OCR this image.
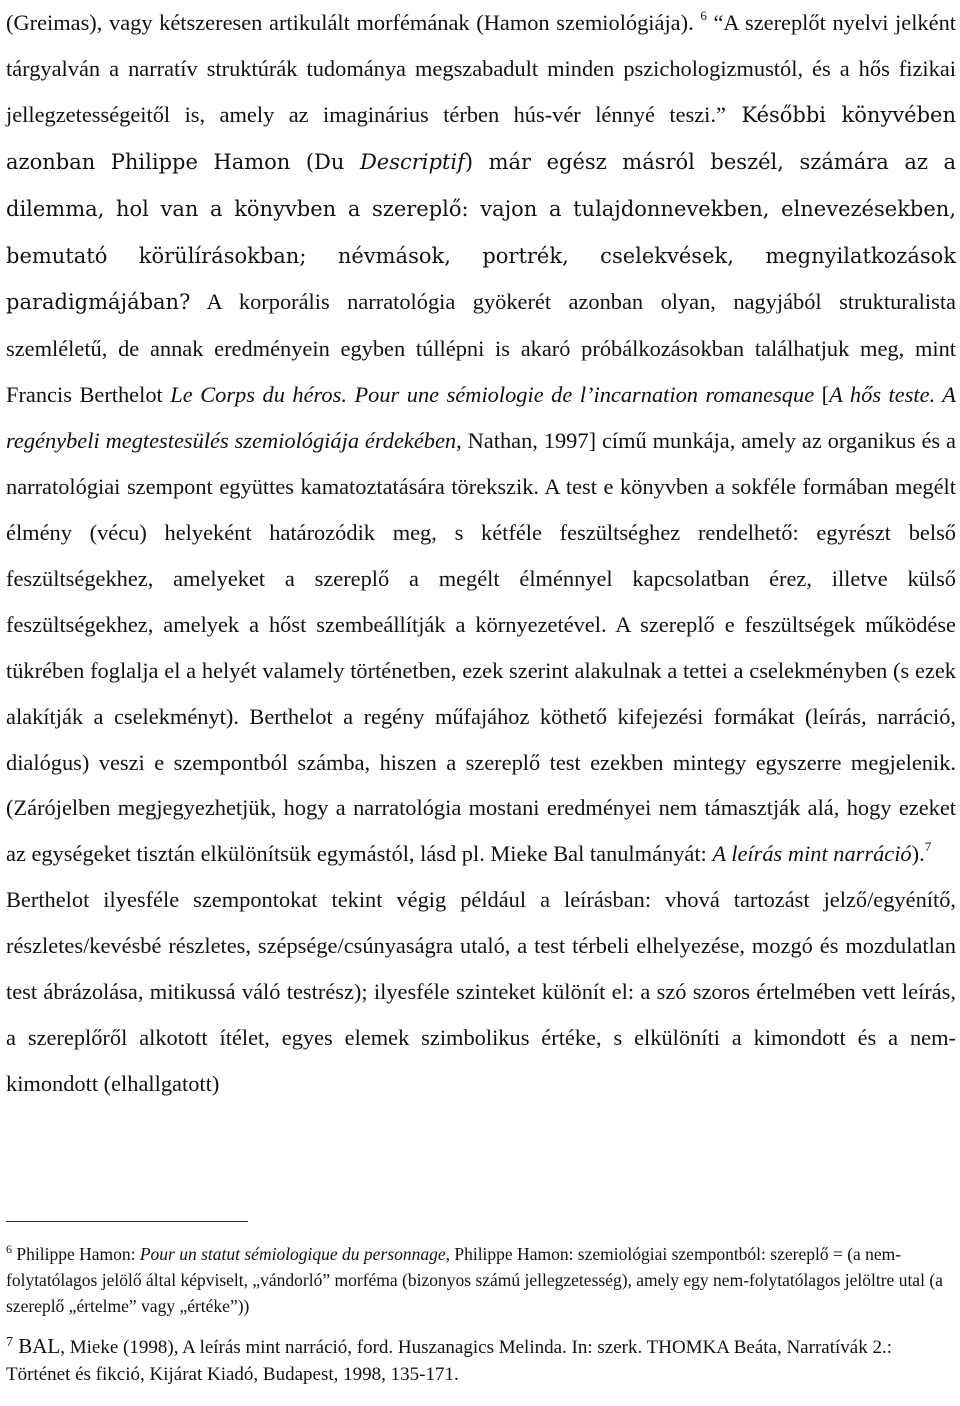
(Greimas), vagy kétszeresen artikulált morfémának (Hamon szemiológiája). $^6$ “A szereplőt nyelvi jelként tárgyalván a narratív struktúrák tudománya megszabadult minden pszichologizmustól, és a hős fizikai jellegzetességeitől is, amely az imaginárius térben hús-vér lénnyé teszi.” Későbbi könyvében azonban Philippe Hamon (Du Descriptif) már egész másról beszél, számára az a dilemma, hol van a könyvben a szereplő: vajon a tulajdonnevekben, elnevezésekben, bemutató körülírásokban; névmások, portrék, cselekvések, megnyilatkozások paradigmájában? A korporális narratológia gyökerét azonban olyan, nagyjából strukturalista szemléletű, de annak eredményein egyben túllépni is akaró próbálkozásokban találhatjuk meg, mint Francis Berthelot Le Corps du héros. Pour une sémiologie de l’incarnation romanesque [A hős teste. A regénybeli megtestesülés szemiológiája érdekében, Nathan, 1997] című munkája, amely az organikus és a narratológiai szempont együttes kamatoztatására törekszik. A test e könyvben a sokféle formában megélt élmény (vécu) helyeként határozódik meg, s kétféle feszültséghez rendelhető: egyrészt belső feszültségekhez, amelyeket a szereplő a megélt élménnyel kapcsolatban érez, illetve külső feszültségekhez, amelyek a hőst szembeállítják a környezetével. A szereplő e feszültségek működése tükrében foglalja el a helyét valamely történetben, ezek szerint alakulnak a tettei a cselekményben (s ezek alakítják a cselekményt). Berthelot a regény műfajához köthető kifejezési formákat (leírás, narráció, dialógus) veszi e szempontból számba, hiszen a szereplő test ezekben mintegy egyszerre megjelenik. (Zárójelben megjegyezhetjük, hogy a narratológia mostani eredményei nem támasztják alá, hogy ezeket az egységeket tisztán elkülönítsük egymástól, lásd pl. Mieke Bal tanulmányát: A leírás mint narráció).$^7$

Berthelot ilyesféle szempontokat tekint végig például a leírásban: vhová tartozást jelző/egyénítő, részletes/kevésbé részletes, szépsége/csúnyaságra utaló, a test térbeli elhelyezése, mozgó és mozdulatlan test ábrázolása, mitikussá váló testrész); ilyesféle szinteket különít el: a szó szoros értelmében vett leírás, a szereplőről alkotott ítélet, egyes elemek szimbolikus értéke, s elkülöníti a kimondott és a nem-kimondott (elhallgatott)

$^6$ Philippe Hamon: Pour un statut sémiologique du personnage, Philippe Hamon: szemiológiai szempontból: szereplő = (a nem-folytatólagos jelölő által képviselt, „vándorló” morféma (bizonyos számú jellegzetesség), amely egy nem-folytatólagos jelöltre utal (a szereplő „értelme” vagy „értéke”))

$^7$ BAL, Mieke (1998), A leírás mint narráció, ford. Huszanagics Melinda. In: szerk. THOMKA Beáta, Narratívák 2.: Történet és fikció, Kijárat Kiadó, Budapest, 1998, 135-171.
